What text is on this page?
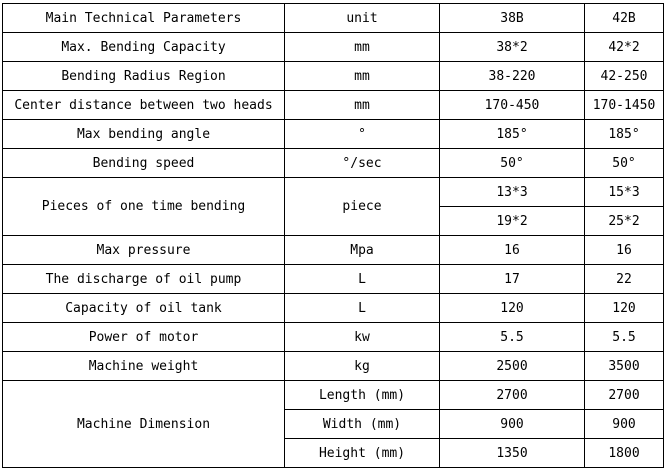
Main Technical Parameters	unit	38B	42B
Max. Bending Capacity	mm	38*2	42*2
Bending Radius Region	mm	38-220	42-250
Center distance between two heads	mm	170-450	170-1450
Max bending angle	°	185°	185°
Bending speed	°/sec	50°	50°
Pieces of one time bending	piece	13*3	15*3
		19*2	25*2
Max pressure	Mpa	16	16
The discharge of oil pump	L	17	22
Capacity of oil tank	L	120	120
Power of motor	kw	5.5	5.5
Machine weight	kg	2500	3500
Machine Dimension	Length (mm)	2700	2700
	Width (mm)	900	900
	Height (mm)	1350	1800
